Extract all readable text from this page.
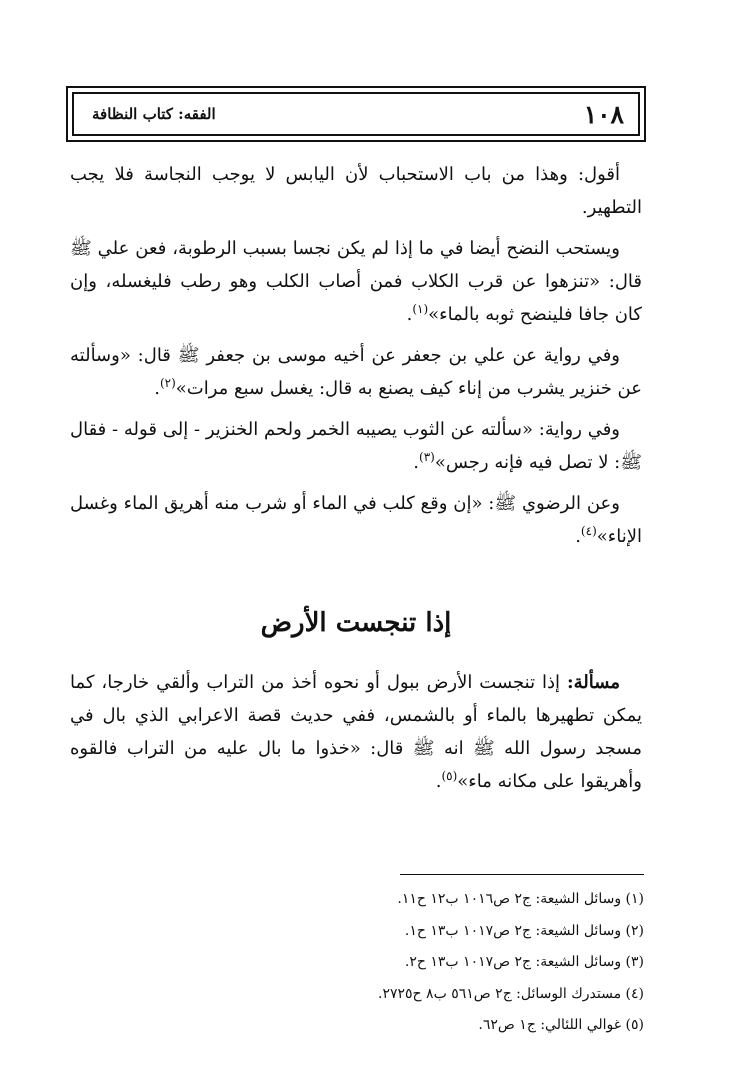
١٠٨
الفقه: كتاب النظافة

أقول: وهذا من باب الاستحباب لأن اليابس لا يوجب النجاسة فلا يجب التطهير.

ويستحب النضح أيضا في ما إذا لم يكن نجسا بسبب الرطوبة، فعن علي ﷺ قال: «تنزهوا عن قرب الكلاب فمن أصاب الكلب وهو رطب فليغسله، وإن كان جافا فلينضح ثوبه بالماء»$^{(١)}$.

وفي رواية عن علي بن جعفر عن أخيه موسى بن جعفر ﷺ قال: «وسألته عن خنزير يشرب من إناء كيف يصنع به قال: يغسل سبع مرات»$^{(٢)}$.

وفي رواية: «سألته عن الثوب يصيبه الخمر ولحم الخنزير - إلى قوله - فقال ﷺ: لا تصل فيه فإنه رجس»$^{(٣)}$.

وعن الرضوي ﷺ: «إن وقع كلب في الماء أو شرب منه أهريق الماء وغسل الإناء»$^{(٤)}$.

إذا تنجست الأرض

مسألة: إذا تنجست الأرض ببول أو نحوه أخذ من التراب وألقي خارجا، كما يمكن تطهيرها بالماء أو بالشمس، ففي حديث قصة الاعرابي الذي بال في مسجد رسول الله ﷺ انه ﷺ قال: «خذوا ما بال عليه من التراب فالقوه وأهريقوا على مكانه ماء»$^{(٥)}$.

(١) وسائل الشيعة: ج٢ ص١٠١٦ ب١٢ ح١١.
(٢) وسائل الشيعة: ج٢ ص١٠١٧ ب١٣ ح١.
(٣) وسائل الشيعة: ج٢ ص١٠١٧ ب١٣ ح٢.
(٤) مستدرك الوسائل: ج٢ ص٥٦١ ب٨ ح٢٧٢٥.
(٥) غوالي اللئالي: ج١ ص٦٢.
